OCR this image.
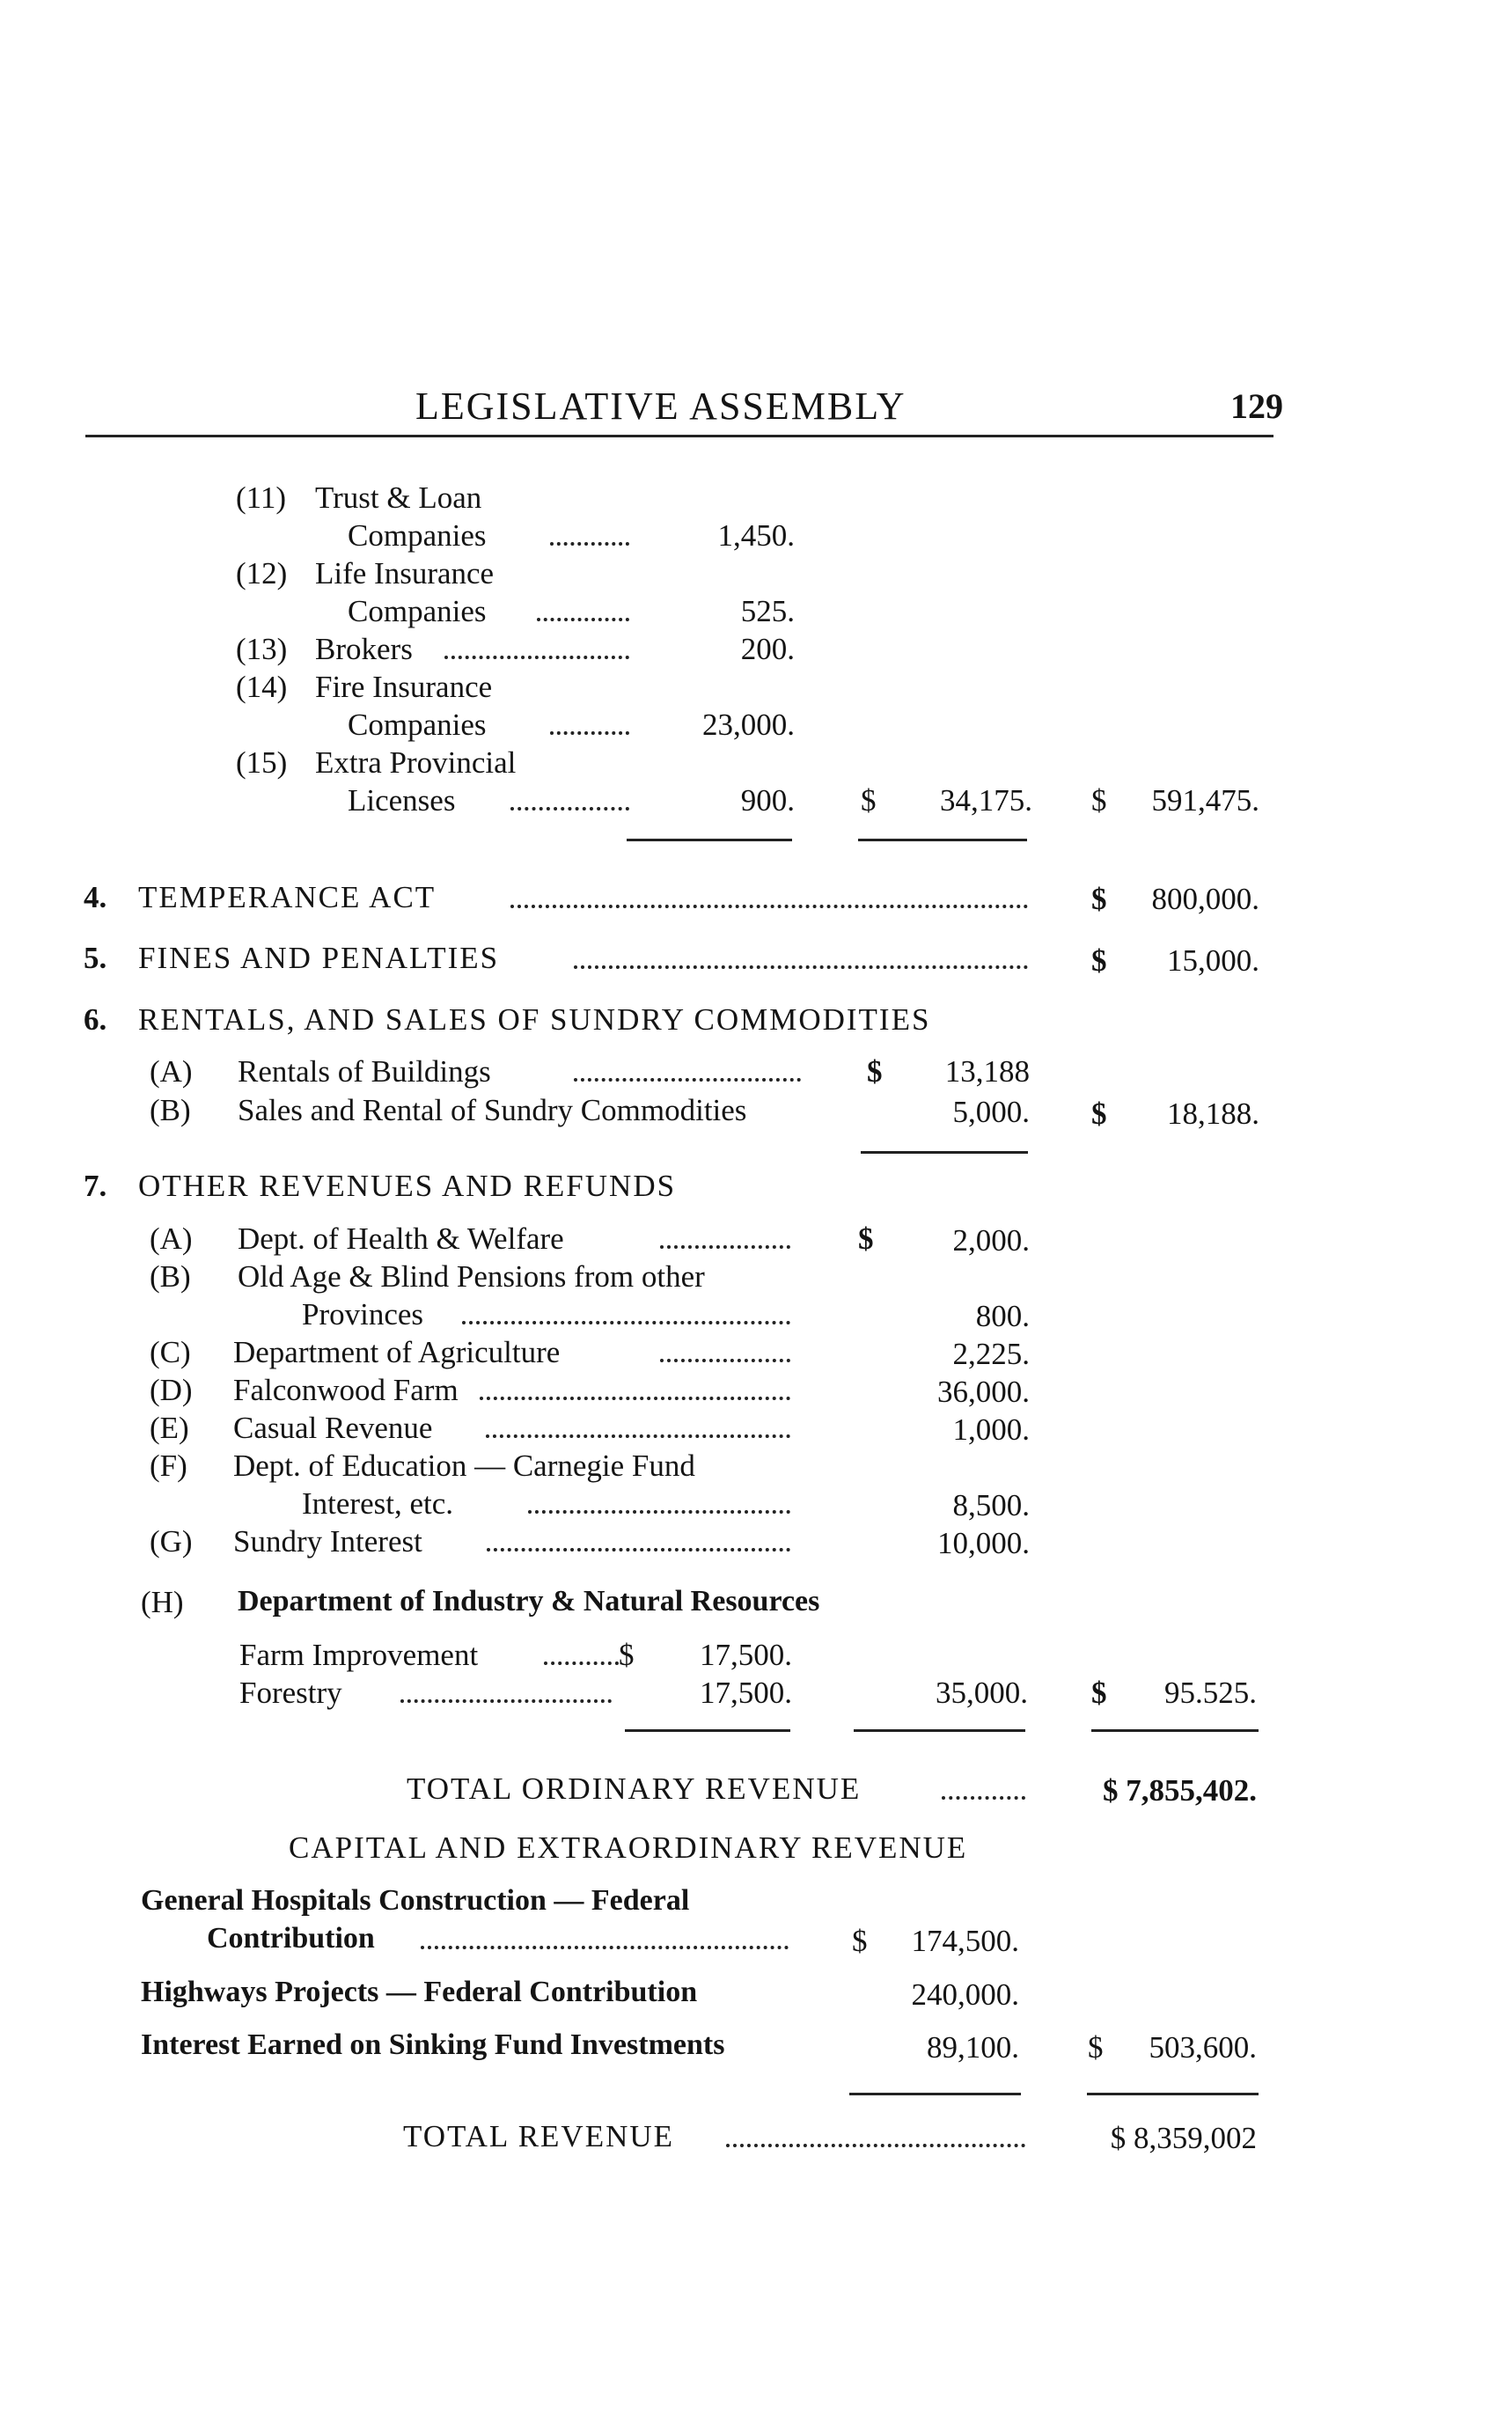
LEGISLATIVE ASSEMBLY	129
(11) Trust & Loan
Companies	1,450.
(12) Life Insurance
Companies	525.
(13) Brokers	200.
(14) Fire Insurance
Companies	23,000.
(15) Extra Provincial
Licenses	900. $ 34,175. $ 591,475.
4. TEMPERANCE ACT	$ 800,000.
5. FINES AND PENALTIES	$ 15,000.
6. RENTALS, AND SALES OF SUNDRY COMMODITIES
(A) Rentals of Buildings	$ 13,188
(B) Sales and Rental of Sundry Commodities	5,000. $ 18,188.
7. OTHER REVENUES AND REFUNDS
(A) Dept. of Health & Welfare	$	2,000.
(B) Old Age & Blind Pensions from other
Provinces	800.
(C) Department of Agriculture	2,225.
(D) Falconwood Farm	36,000.
(E) Casual Revenue	1,000.
(F) Dept. of Education — Carnegie Fund
Interest, etc.	8,500.
(G) Sundry Interest	10,000.
(H) Department of Industry & Natural Resources
Farm Improvement	$ 17,500.
Forestry	17,500.	35,000. $ 95.525.
TOTAL ORDINARY REVENUE	$ 7,855,402.
CAPITAL AND EXTRAORDINARY REVENUE
General Hospitals Construction — Federal
Contribution	$ 174,500.
Highways Projects — Federal Contribution	240,000.
Interest Earned on Sinking Fund Investments	89,100. $ 503,600.
TOTAL REVENUE	$ 8,359,002
